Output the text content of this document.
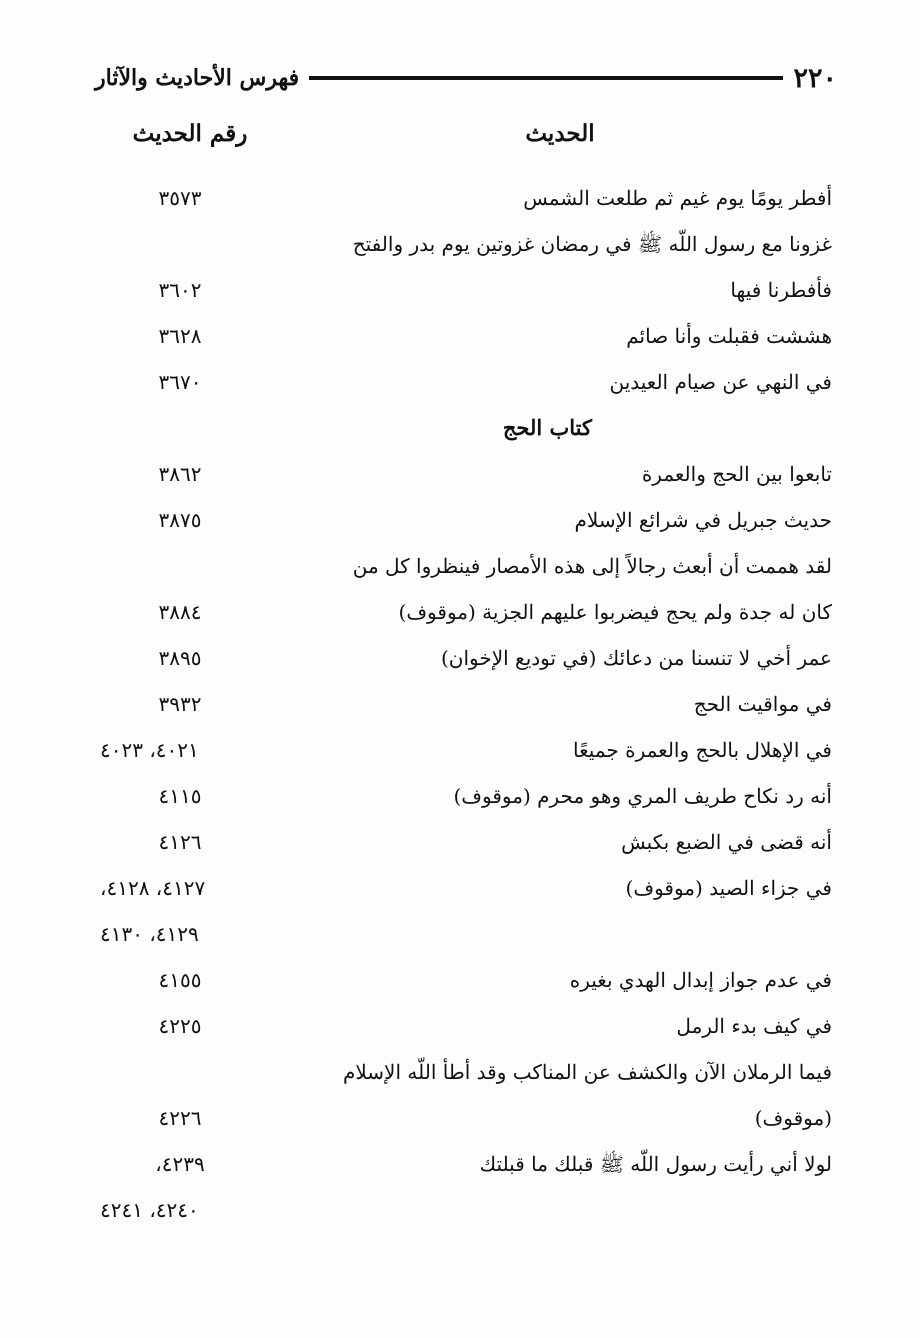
٢٢٠
فهرس الأحاديث والآثار
الحديث
رقم الحديث
أفطر يومًا يوم غيم ثم طلعت الشمس
٣٥٧٣
غزونا مع رسول اللّه ﷺ في رمضان غزوتين يوم بدر والفتح
فأفطرنا فيها
٣٦٠٢
هششت فقبلت وأنا صائم
٣٦٢٨
في النهي عن صيام العيدين
٣٦٧٠
كتاب الحج
تابعوا بين الحج والعمرة
٣٨٦٢
حديث جبريل في شرائع الإسلام
٣٨٧٥
لقد هممت أن أبعث رجالاً إلى هذه الأمصار فينظروا كل من
كان له جدة ولم يحج فيضربوا عليهم الجزية (موقوف)
٣٨٨٤
عمر أخي لا تنسنا من دعائك (في توديع الإخوان)
٣٨٩٥
في مواقيت الحج
٣٩٣٢
في الإهلال بالحج والعمرة جميعًا
٤٠٢١، ٤٠٢٣
أنه رد نكاح طريف المري وهو محرم (موقوف)
٤١١٥
أنه قضى في الضبع بكبش
٤١٢٦
في جزاء الصيد (موقوف)
٤١٢٧، ٤١٢٨،
٤١٢٩، ٤١٣٠
في عدم جواز إبدال الهدي بغيره
٤١٥٥
في كيف بدء الرمل
٤٢٢٥
فيما الرملان الآن والكشف عن المناكب وقد أطأ اللّه الإسلام
(موقوف)
٤٢٢٦
لولا أني رأيت رسول اللّه ﷺ قبلك ما قبلتك
٤٢٣٩،
٤٢٤٠، ٤٢٤١
